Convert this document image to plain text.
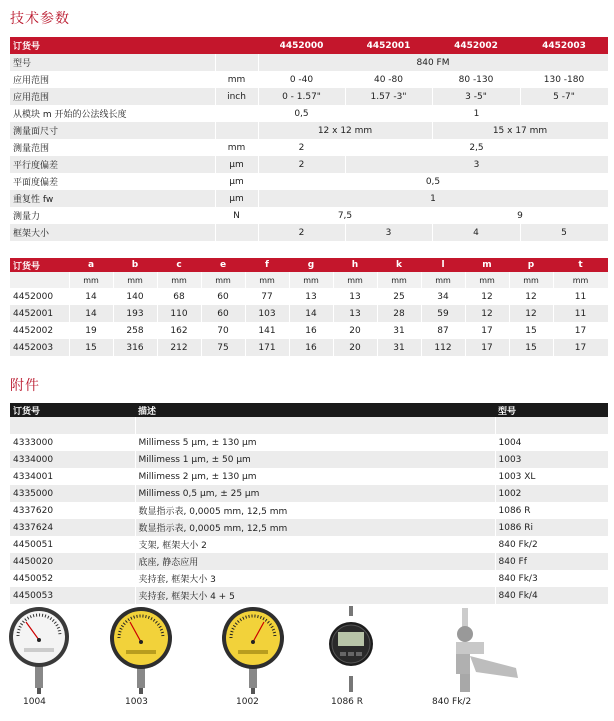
技术参数
订货号		4452000	4452001	4452002	4452003
型号		840 FM			
应用范围	mm	0 -40	40 -80	80 -130	130 -180
应用范围	inch	0 - 1.57"	1.57 -3"	3 -5"	5 -7"
从模块 m 开始的公法线长度		0,5	1		
测量面尺寸		12 x 12 mm		15 x 17 mm	
测量范围	mm	2	2,5		
平行度偏差	µm	2	3		
平面度偏差	µm	0,5			
重复性 fw	µm	1			
测量力	N	7,5		9	
框架大小		2	3	4	5
订货号	a	b	c	e	f	g	h	k	l	m	p	t
	mm	mm	mm	mm	mm	mm	mm	mm	mm	mm	mm	mm
4452000	14	140	68	60	77	13	13	25	34	12	12	11
4452001	14	193	110	60	103	14	13	28	59	12	12	11
4452002	19	258	162	70	141	16	20	31	87	17	15	17
4452003	15	316	212	75	171	16	20	31	112	17	15	17
附件
订货号	描述	型号

4333000	Millimess 5 µm, ± 130 µm	1004
4334000	Millimess 1 µm, ± 50 µm	1003
4334001	Millimess 2 µm, ± 130 µm	1003 XL
4335000	Millimess 0,5 µm, ± 25 µm	1002
4337620	数显指示表, 0,0005 mm, 12,5 mm	1086 R
4337624	数显指示表, 0,0005 mm, 12,5 mm	1086 Ri
4450051	支架, 框架大小 2	840 Fk/2
4450020	底座, 静态应用	840 Ff
4450052	夹持套, 框架大小 3	840 Fk/3
4450053	夹持套, 框架大小 4 + 5	840 Fk/4
1004	1003	1002	1086 R	840 Fk/2
